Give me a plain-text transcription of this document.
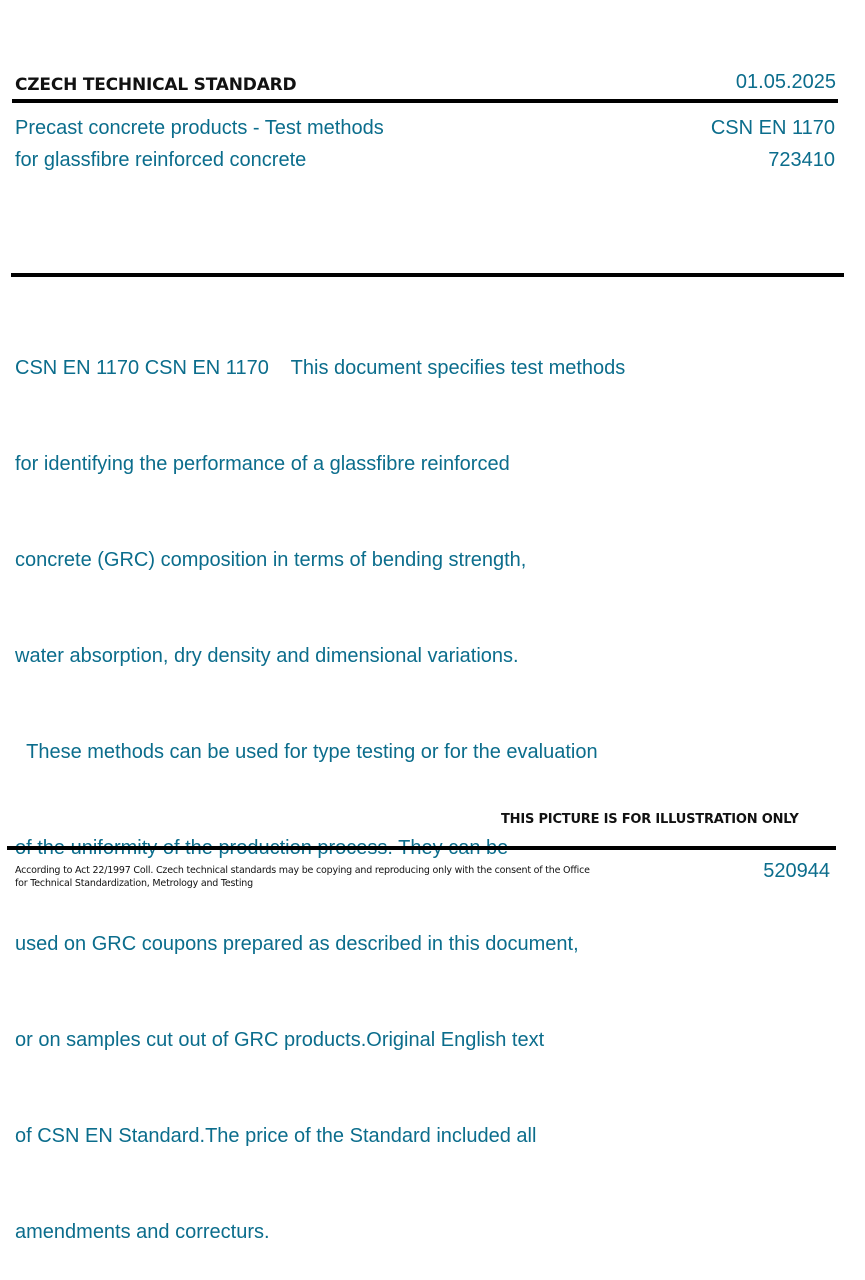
CZECH TECHNICAL STANDARD	01.05.2025
Precast concrete products - Test methods
for glassfibre reinforced concrete
CSN EN 1170
723410

CSN EN 1170 CSN EN 1170    This document specifies test methods

for identifying the performance of a glassfibre reinforced

concrete (GRC) composition in terms of bending strength,

water absorption, dry density and dimensional variations.

These methods can be used for type testing or for the evaluation

used on GRC coupons prepared as described in this document,

or on samples cut out of GRC products.Original English text

of CSN EN Standard.The price of the Standard included all

amendments and correcturs.

THIS PICTURE IS FOR ILLUSTRATION ONLY
According to Act 22/1997 Coll. Czech technical standards may be copying and reproducing only with the consent of the Office
for Technical Standardization, Metrology and Testing
520944
